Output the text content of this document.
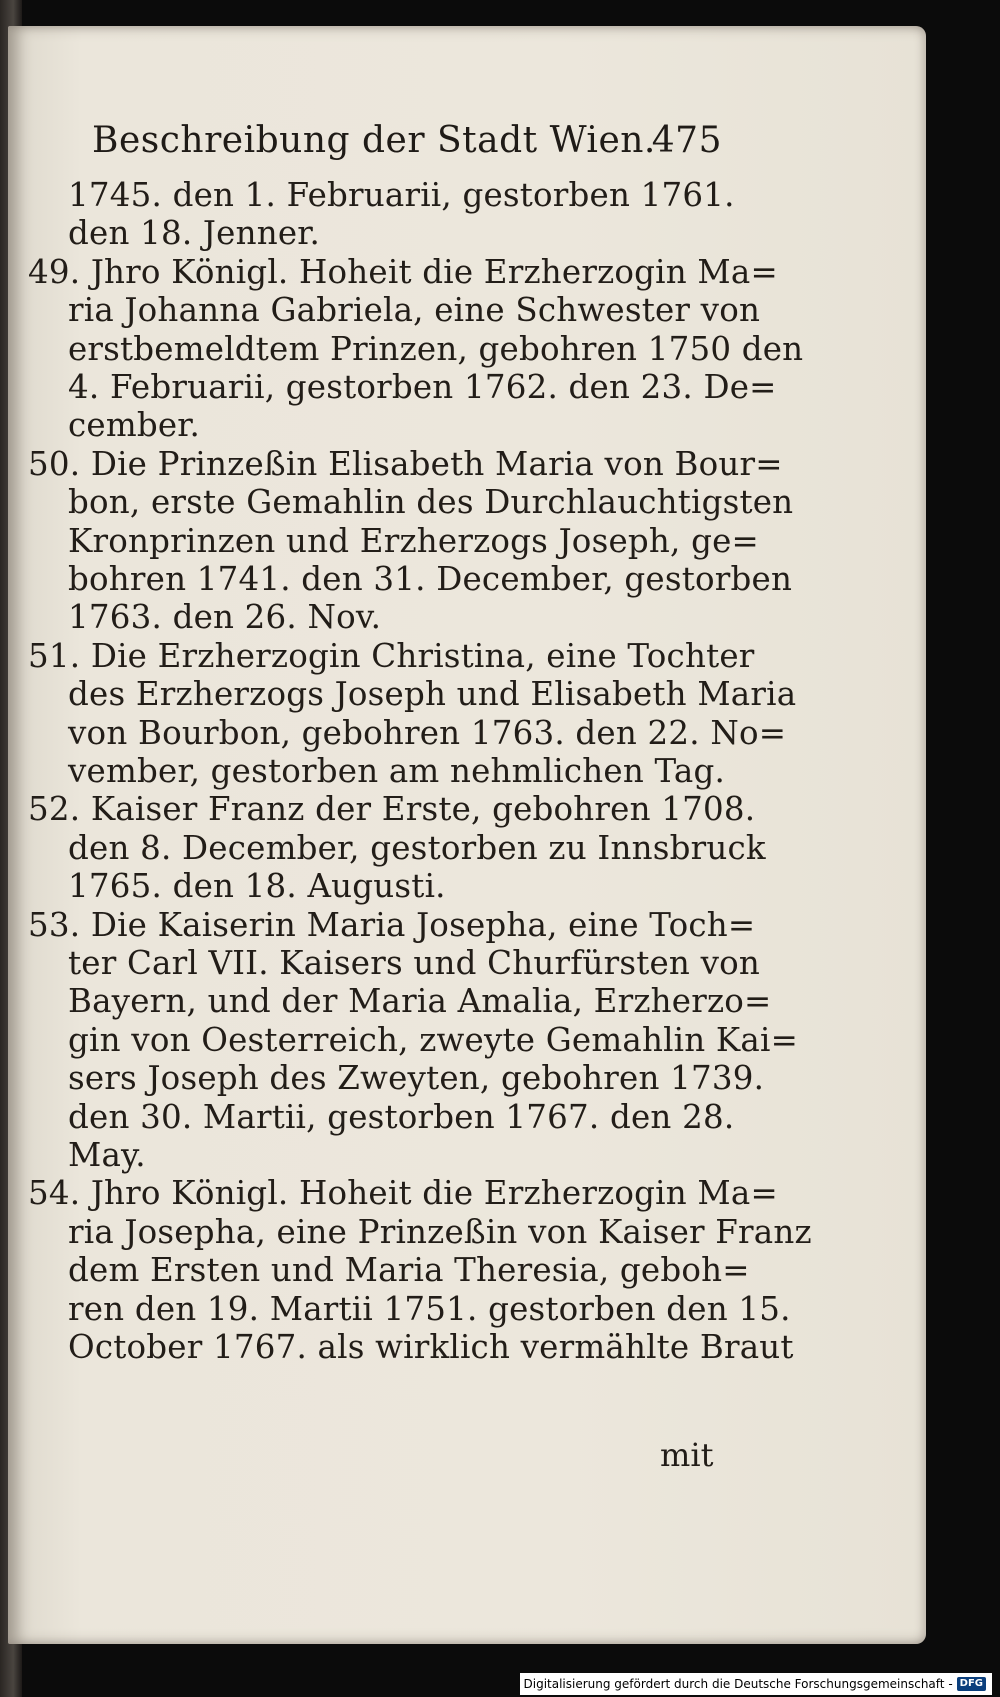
Beschreibung der Stadt Wien.
475
1745. den 1. Februarii, gestorben 1761.
den 18. Jenner.
49. Jhro Königl. Hoheit die Erzherzogin Ma=
ria Johanna Gabriela, eine Schwester von
erstbemeldtem Prinzen, gebohren 1750 den
4. Februarii, gestorben 1762. den 23. De=
cember.
50. Die Prinzeßin Elisabeth Maria von Bour=
bon, erste Gemahlin des Durchlauchtigsten
Kronprinzen und Erzherzogs Joseph, ge=
bohren 1741. den 31. December, gestorben
1763. den 26. Nov.
51. Die Erzherzogin Christina, eine Tochter
des Erzherzogs Joseph und Elisabeth Maria
von Bourbon, gebohren 1763. den 22. No=
vember, gestorben am nehmlichen Tag.
52. Kaiser Franz der Erste, gebohren 1708.
den 8. December, gestorben zu Innsbruck
1765. den 18. Augusti.
53. Die Kaiserin Maria Josepha, eine Toch=
ter Carl VII. Kaisers und Churfürsten von
Bayern, und der Maria Amalia, Erzherzo=
gin von Oesterreich, zweyte Gemahlin Kai=
sers Joseph des Zweyten, gebohren 1739.
den 30. Martii, gestorben 1767. den 28.
May.
54. Jhro Königl. Hoheit die Erzherzogin Ma=
ria Josepha, eine Prinzeßin von Kaiser Franz
dem Ersten und Maria Theresia, geboh=
ren den 19. Martii 1751. gestorben den 15.
October 1767. als wirklich vermählte Braut
mit
Digitalisierung gefördert durch die Deutsche Forschungsgemeinschaft - DFG
